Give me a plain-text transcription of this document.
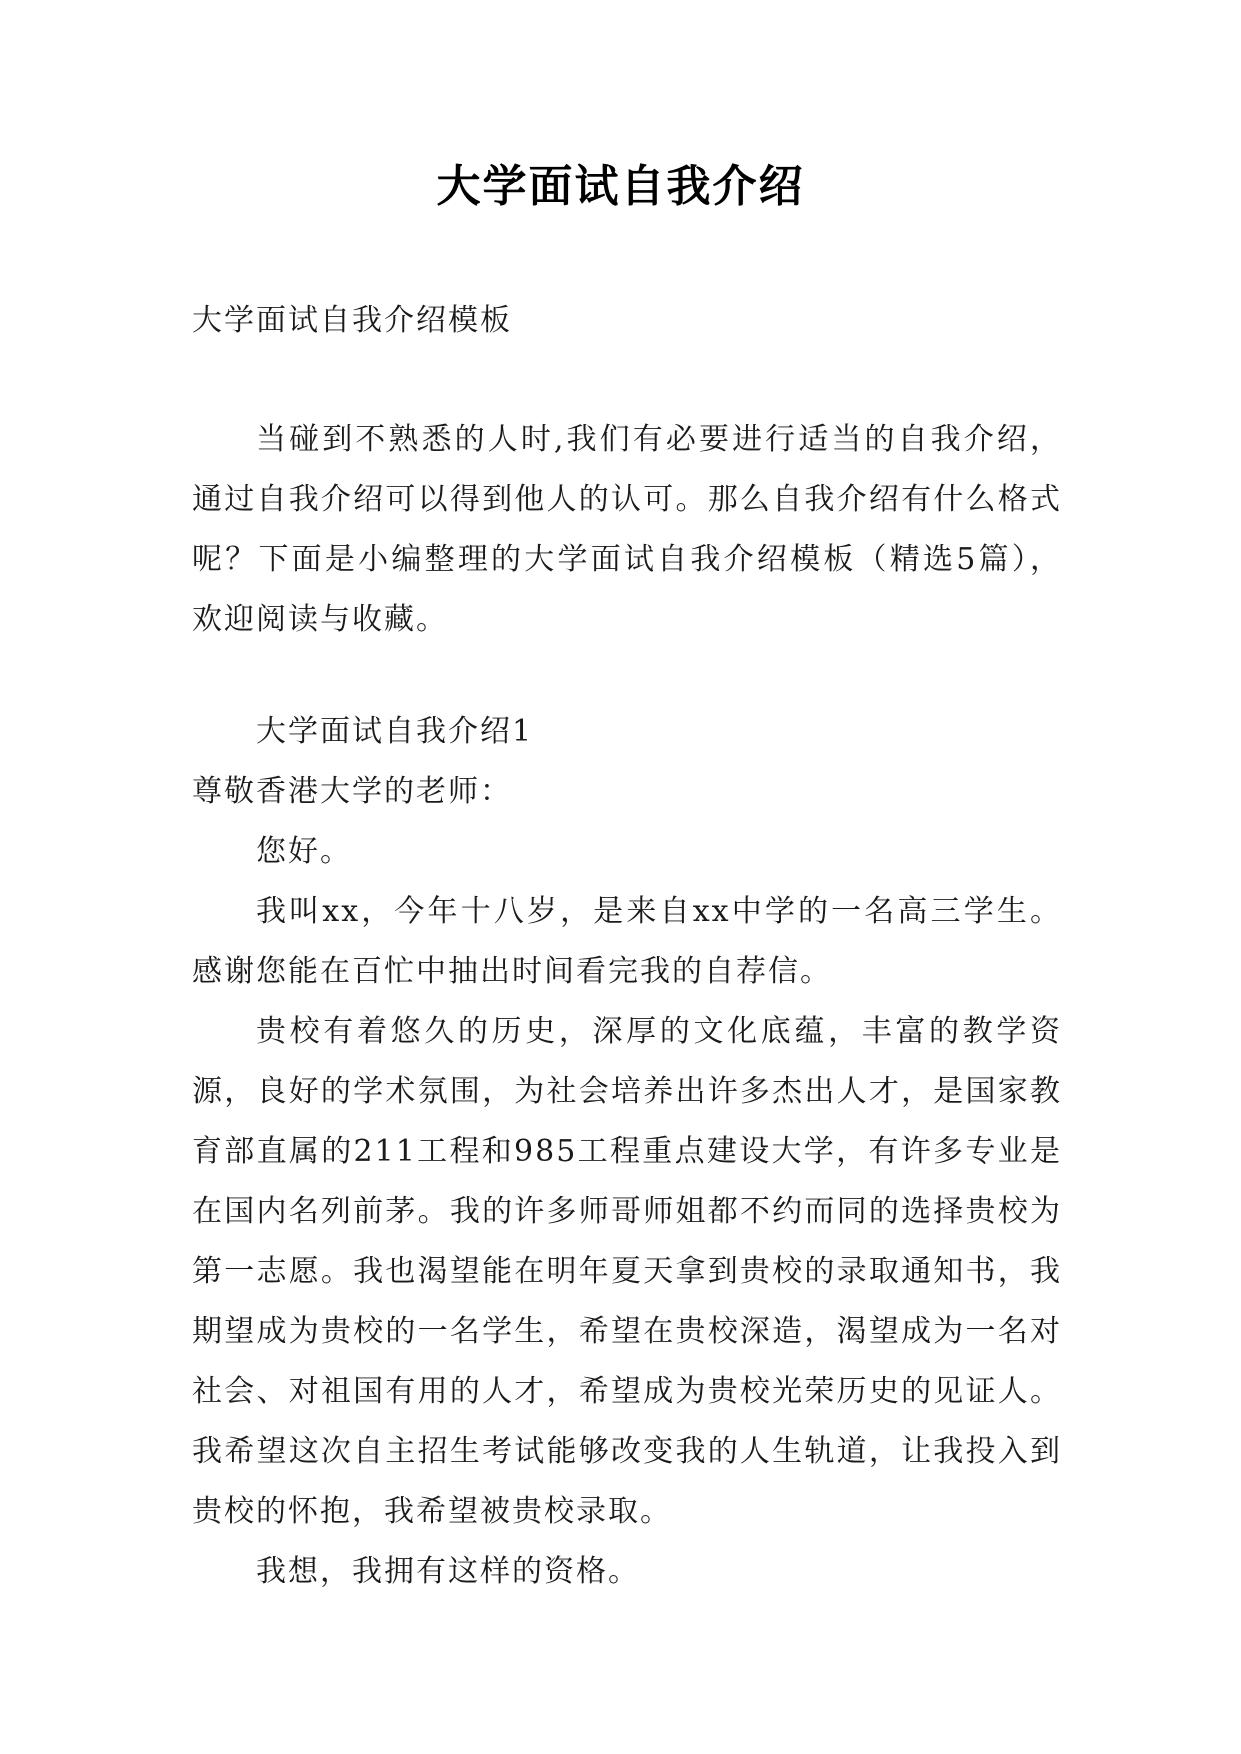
大学面试自我介绍
大学面试自我介绍模板

当碰到不熟悉的人时,我们有必要进行适当的自我介绍，通过自我介绍可以得到他人的认可。那么自我介绍有什么格式呢？下面是小编整理的大学面试自我介绍模板（精选5篇），欢迎阅读与收藏。

大学面试自我介绍1

尊敬香港大学的老师：

您好。

我叫xx，今年十八岁，是来自xx中学的一名高三学生。感谢您能在百忙中抽出时间看完我的自荐信。

贵校有着悠久的历史，深厚的文化底蕴，丰富的教学资源，良好的学术氛围，为社会培养出许多杰出人才，是国家教育部直属的211工程和985工程重点建设大学，有许多专业是在国内名列前茅。我的许多师哥师姐都不约而同的选择贵校为第一志愿。我也渴望能在明年夏天拿到贵校的录取通知书，我期望成为贵校的一名学生，希望在贵校深造，渴望成为一名对社会、对祖国有用的人才，希望成为贵校光荣历史的见证人。我希望这次自主招生考试能够改变我的人生轨道，让我投入到贵校的怀抱，我希望被贵校录取。

我想，我拥有这样的资格。
